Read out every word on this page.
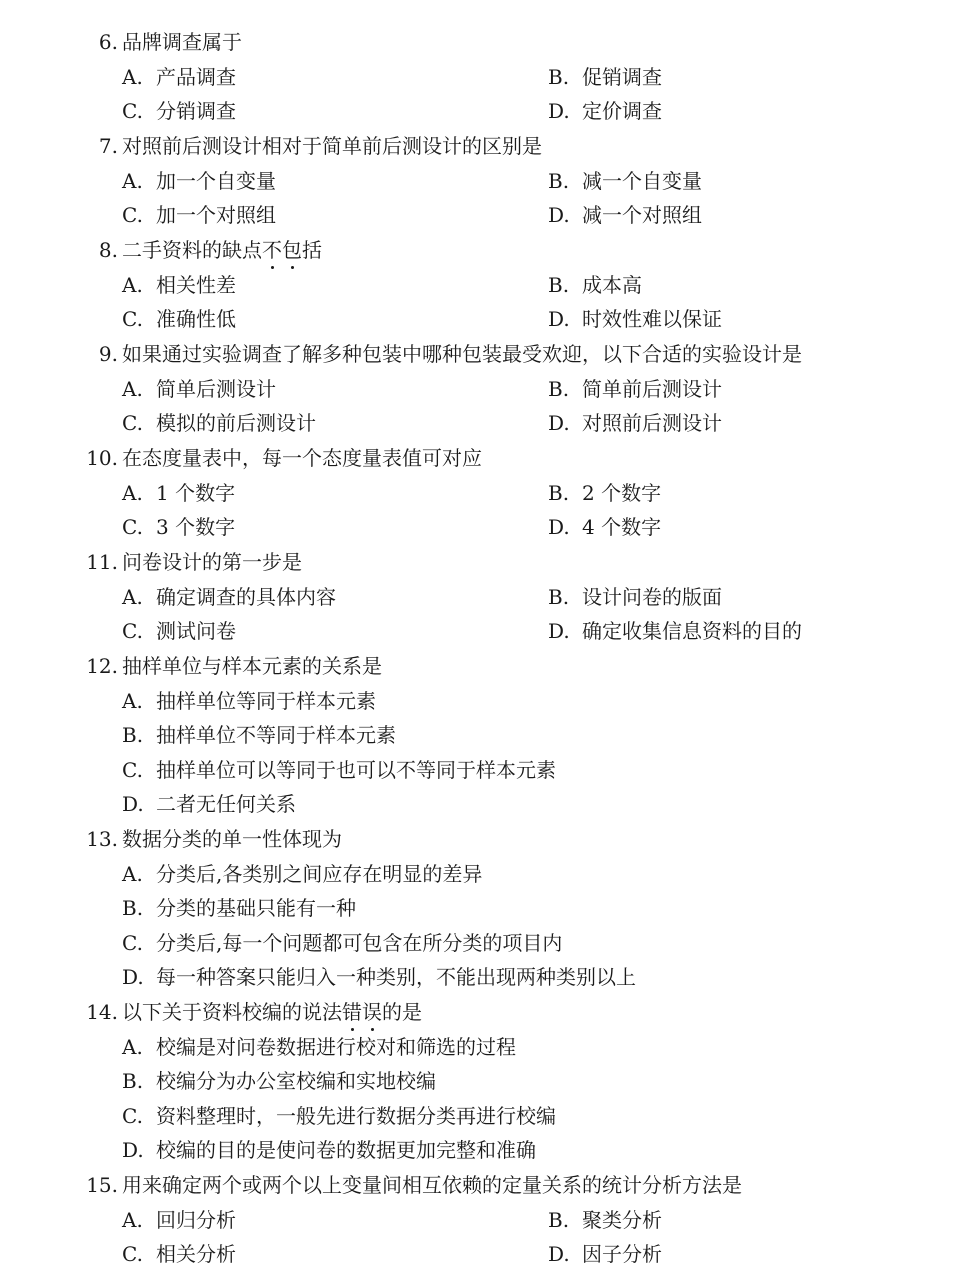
6. 品牌调查属于
A. 产品调查	B. 促销调查
C. 分销调查	D. 定价调查
7. 对照前后测设计相对于简单前后测设计的区别是
A. 加一个自变量	B. 减一个自变量
C. 加一个对照组	D. 减一个对照组
8. 二手资料的缺点不包括
A. 相关性差	B. 成本高
C. 准确性低	D. 时效性难以保证
9. 如果通过实验调查了解多种包装中哪种包装最受欢迎，以下合适的实验设计是
A. 简单后测设计	B. 简单前后测设计
C. 模拟的前后测设计	D. 对照前后测设计
10. 在态度量表中，每一个态度量表值可对应
A. 1 个数字	B. 2 个数字
C. 3 个数字	D. 4 个数字
11. 问卷设计的第一步是
A. 确定调查的具体内容	B. 设计问卷的版面
C. 测试问卷	D. 确定收集信息资料的目的
12. 抽样单位与样本元素的关系是
A. 抽样单位等同于样本元素
B. 抽样单位不等同于样本元素
C. 抽样单位可以等同于也可以不等同于样本元素
D. 二者无任何关系
13. 数据分类的单一性体现为
A. 分类后,各类别之间应存在明显的差异
B. 分类的基础只能有一种
C. 分类后,每一个问题都可包含在所分类的项目内
D. 每一种答案只能归入一种类别，不能出现两种类别以上
14. 以下关于资料校编的说法错误的是
A. 校编是对问卷数据进行校对和筛选的过程
B. 校编分为办公室校编和实地校编
C. 资料整理时，一般先进行数据分类再进行校编
D. 校编的目的是使问卷的数据更加完整和准确
15. 用来确定两个或两个以上变量间相互依赖的定量关系的统计分析方法是
A. 回归分析	B. 聚类分析
C. 相关分析	D. 因子分析
